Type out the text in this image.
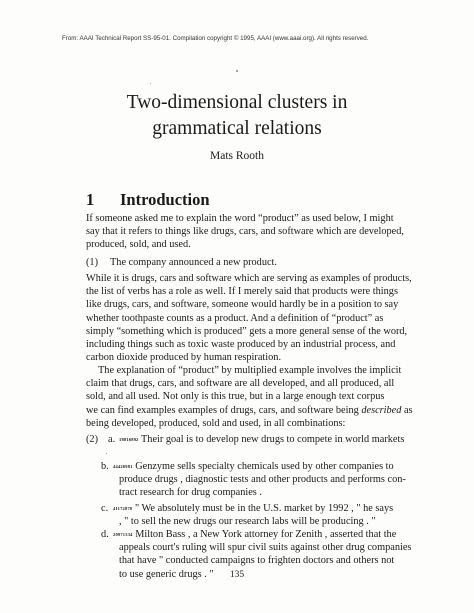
From: AAAI Technical Report SS-95-01. Compilation copyright © 1995, AAAI (www.aaai.org). All rights reserved.
Two-dimensional clusters in
grammatical relations
Mats Rooth
1 Introduction
If someone asked me to explain the word “product” as used below, I might
say that it refers to things like drugs, cars, and software which are developed,
produced, sold, and used.
(1) The company announced a new product.
While it is drugs, cars and software which are serving as examples of products,
the list of verbs has a role as well. If I merely said that products were things
like drugs, cars, and software, someone would hardly be in a position to say
whether toothpaste counts as a product. And a definition of “product” as
simply “something which is produced” gets a more general sense of the word,
including things such as toxic waste produced by an industrial process, and
carbon dioxide produced by human respiration.
The explanation of “product” by multiplied example involves the implicit
claim that drugs, cars, and software are all developed, and all produced, all
sold, and all used. Not only is this true, but in a large enough text corpus
we can find examples examples of drugs, cars, and software being described as
being developed, produced, sold and used, in all combinations:
(2) a. 18816892 Their goal is to develop new drugs to compete in world markets
b. 44426981 Genzyme sells specialty chemicals used by other companies to
produce drugs , diagnostic tests and other products and performs con-
tract research for drug companies .
c. 41172870 " We absolutely must be in the U.S. market by 1992 , " he says
, " to sell the new drugs our research labs will be producing . "
d. 20971334 Milton Bass , a New York attorney for Zenith , asserted that the
appeals court's ruling will spur civil suits against other drug companies
that have " conducted campaigns to frighten doctors and others not
to use generic drugs . "	135
